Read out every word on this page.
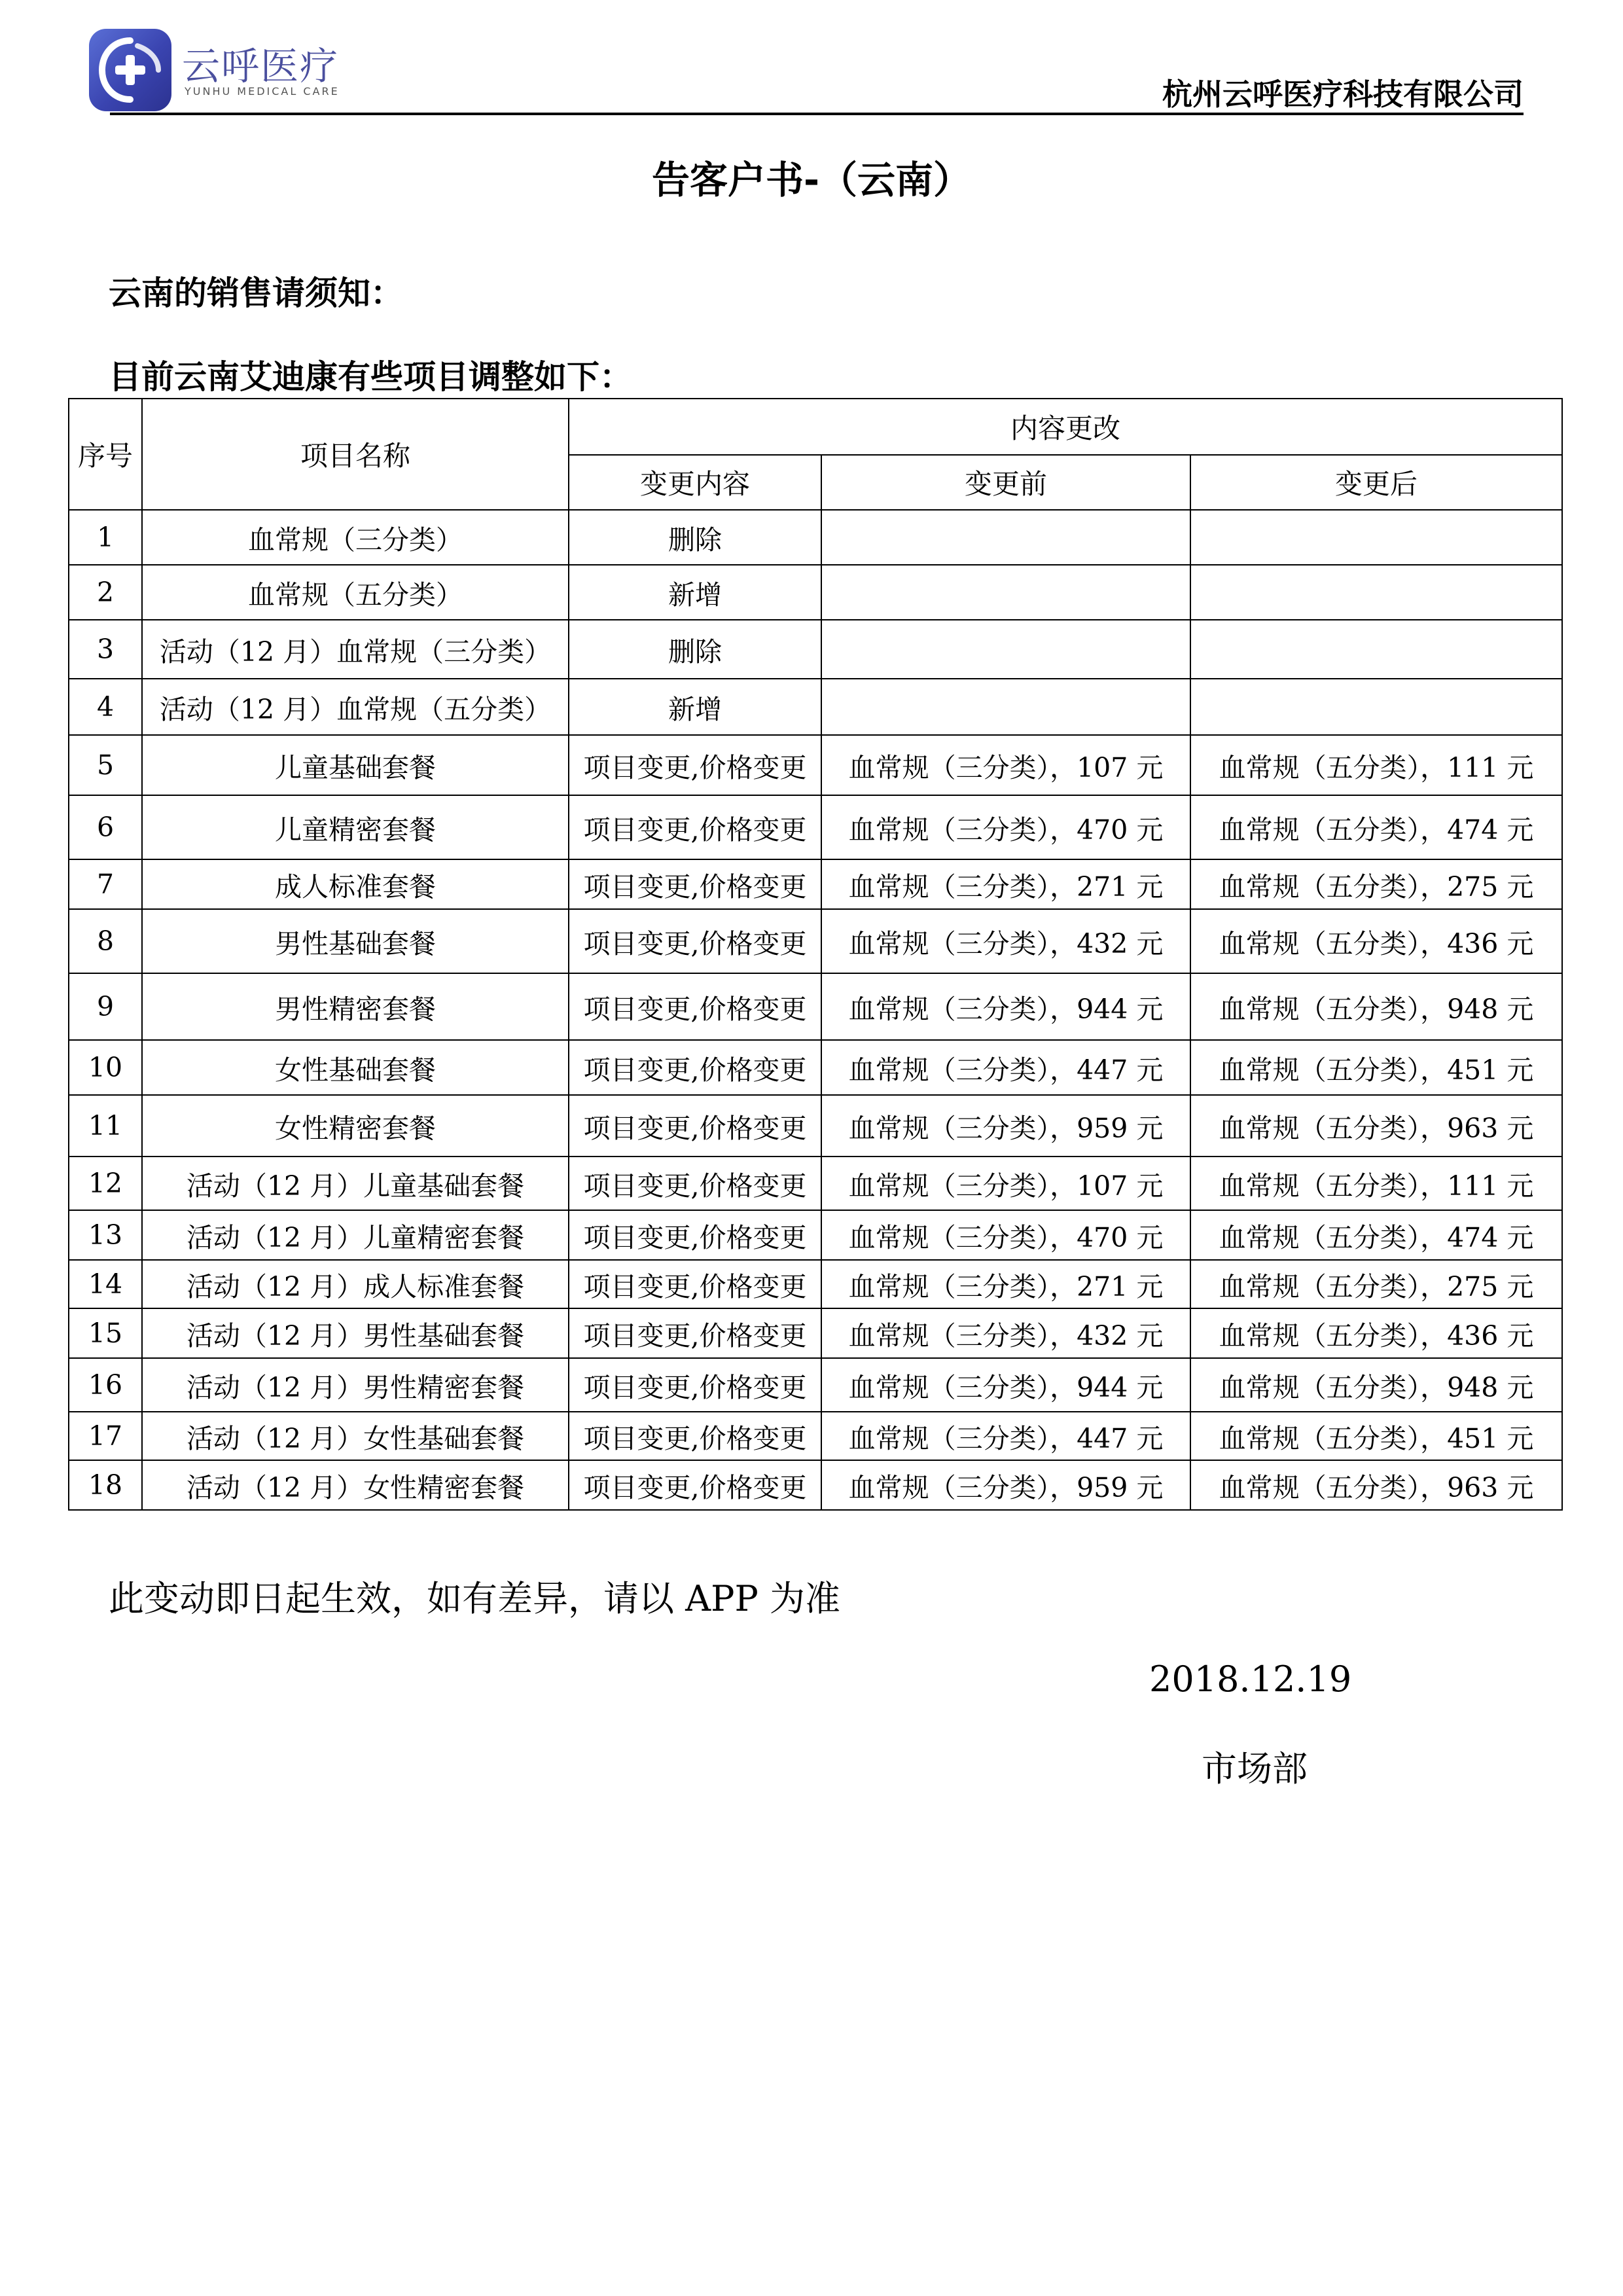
云呼医疗
YUNHU MEDICAL CARE	杭州云呼医疗科技有限公司
告客户书-（云南）
云南的销售请须知：
目前云南艾迪康有些项目调整如下：
序号	项目名称	内容更改		
		变更内容	变更前	变更后
1	血常规（三分类）	删除		
2	血常规（五分类）	新增		
3	活动（12 月）血常规（三分类）	删除		
4	活动（12 月）血常规（五分类）	新增		
5	儿童基础套餐	项目变更,价格变更	血常规（三分类），107 元	血常规（五分类），111 元
6	儿童精密套餐	项目变更,价格变更	血常规（三分类），470 元	血常规（五分类），474 元
7	成人标准套餐	项目变更,价格变更	血常规（三分类），271 元	血常规（五分类），275 元
8	男性基础套餐	项目变更,价格变更	血常规（三分类），432 元	血常规（五分类），436 元
9	男性精密套餐	项目变更,价格变更	血常规（三分类），944 元	血常规（五分类），948 元
10	女性基础套餐	项目变更,价格变更	血常规（三分类），447 元	血常规（五分类），451 元
11	女性精密套餐	项目变更,价格变更	血常规（三分类），959 元	血常规（五分类），963 元
12	活动（12 月）儿童基础套餐	项目变更,价格变更	血常规（三分类），107 元	血常规（五分类），111 元
13	活动（12 月）儿童精密套餐	项目变更,价格变更	血常规（三分类），470 元	血常规（五分类），474 元
14	活动（12 月）成人标准套餐	项目变更,价格变更	血常规（三分类），271 元	血常规（五分类），275 元
15	活动（12 月）男性基础套餐	项目变更,价格变更	血常规（三分类），432 元	血常规（五分类），436 元
16	活动（12 月）男性精密套餐	项目变更,价格变更	血常规（三分类），944 元	血常规（五分类），948 元
17	活动（12 月）女性基础套餐	项目变更,价格变更	血常规（三分类），447 元	血常规（五分类），451 元
18	活动（12 月）女性精密套餐	项目变更,价格变更	血常规（三分类），959 元	血常规（五分类），963 元
此变动即日起生效，如有差异，请以 APP 为准
2018.12.19
市场部
